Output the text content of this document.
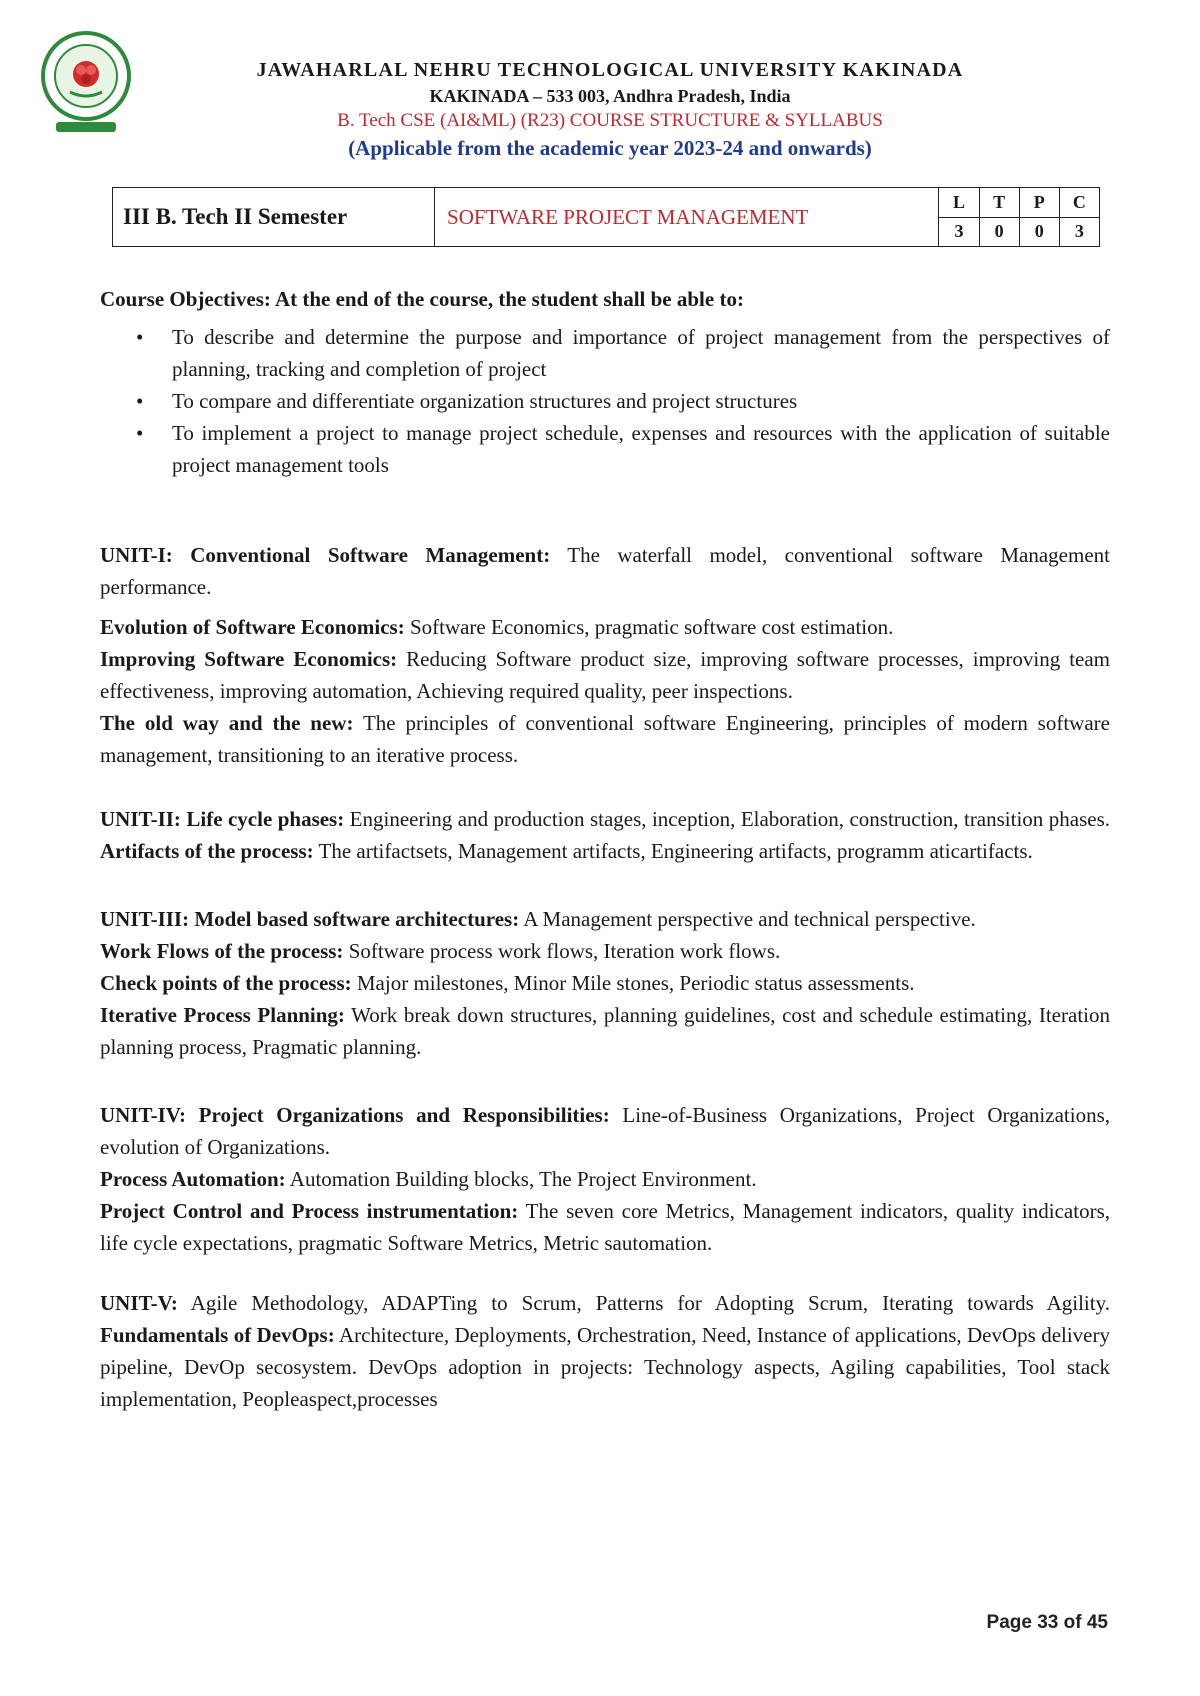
JAWAHARLAL NEHRU TECHNOLOGICAL UNIVERSITY KAKINADA
KAKINADA – 533 003, Andhra Pradesh, India
B. Tech CSE (AI&ML) (R23) COURSE STRUCTURE & SYLLABUS
(Applicable from the academic year 2023-24 and onwards)
III B. Tech II Semester	SOFTWARE PROJECT MANAGEMENT	L	T	P	C
		3	0	0	3

Course Objectives: At the end of the course, the student shall be able to:

• To describe and determine the purpose and importance of project management from the perspectives of planning, tracking and completion of project
• To compare and differentiate organization structures and project structures
• To implement a project to manage project schedule, expenses and resources with the application of suitable project management tools

UNIT-I: Conventional Software Management: The waterfall model, conventional software Management performance.

Evolution of Software Economics: Software Economics, pragmatic software cost estimation.

Improving Software Economics: Reducing Software product size, improving software processes, improving team effectiveness, improving automation, Achieving required quality, peer inspections.

The old way and the new: The principles of conventional software Engineering, principles of modern software management, transitioning to an iterative process.

UNIT-II: Life cycle phases: Engineering and production stages, inception, Elaboration, construction, transition phases. Artifacts of the process: The artifactsets, Management artifacts, Engineering artifacts, programm aticartifacts.

UNIT-III: Model based software architectures: A Management perspective and technical perspective.

Work Flows of the process: Software process work flows, Iteration work flows.

Check points of the process: Major milestones, Minor Mile stones, Periodic status assessments.

Iterative Process Planning: Work break down structures, planning guidelines, cost and schedule estimating, Iteration planning process, Pragmatic planning.

UNIT-IV: Project Organizations and Responsibilities: Line-of-Business Organizations, Project Organizations, evolution of Organizations.

Process Automation: Automation Building blocks, The Project Environment.

Project Control and Process instrumentation: The seven core Metrics, Management indicators, quality indicators, life cycle expectations, pragmatic Software Metrics, Metric sautomation.

UNIT-V: Agile Methodology, ADAPTing to Scrum, Patterns for Adopting Scrum, Iterating towards Agility. Fundamentals of DevOps: Architecture, Deployments, Orchestration, Need, Instance of applications, DevOps delivery pipeline, DevOp secosystem. DevOps adoption in projects: Technology aspects, Agiling capabilities, Tool stack implementation, Peopleaspect,processes

Page 33 of 45
